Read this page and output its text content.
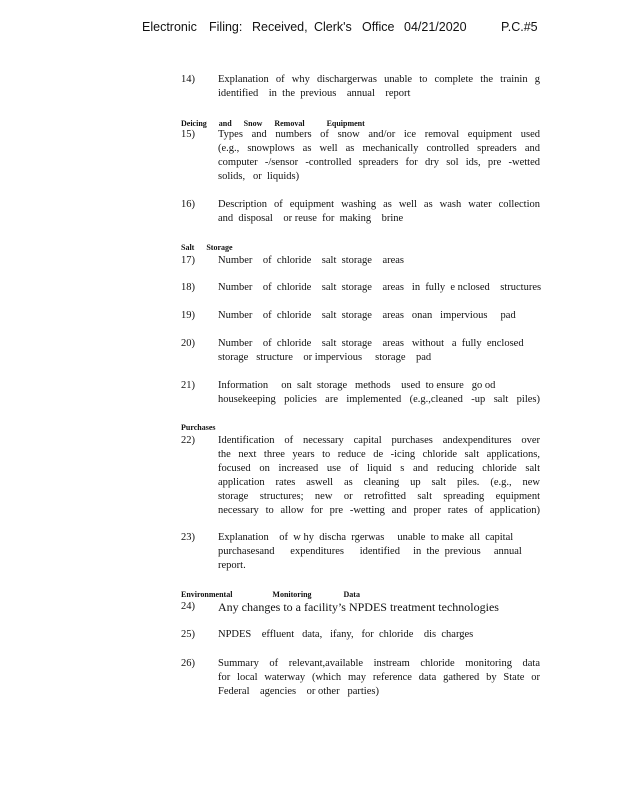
Electronic Filing: Received, Clerk's Office 04/21/2020	P.C.#5
14) Explanation of why dischargerwas unable to complete the trainin g
identified    in  the  previous    annual    report
Deicing      and      Snow      Removal           Equipment
15) Types and numbers of snow and/or ice removal equipment used
(e.g., snowplows as well as mechanically controlled spreaders and
computer -/sensor -controlled spreaders for dry sol ids, pre -wetted
solids,   or  liquids)
16) Description of equipment washing as well as wash water collection
and  disposal    or reuse  for  making    brine
Salt      Storage
17) Number    of  chloride    salt  storage    areas
18) Number    of  chloride    salt  storage    areas   in  fully  e nclosed    structures
19) Number    of  chloride    salt  storage    areas   onan   impervious     pad
20) Number    of  chloride    salt  storage    areas   without   a  fully  enclosed
storage   structure    or impervious     storage    pad
21) Information     on  salt  storage   methods    used  to ensure   go od
housekeeping policies are implemented (e.g.,cleaned -up salt piles)
Purchases
22) Identification of necessary capital purchases andexpenditures over
the next three years to reduce de -icing chloride salt applications,
focused on increased use of liquid s and reducing chloride salt
application rates aswell as cleaning up salt piles. (e.g., new
storage structures; new or retrofitted salt spreading equipment
necessary to allow for pre -wetting and proper rates of application)
23) Explanation    of  w hy  discha  rgerwas     unable  to make  all  capital
purchasesand      expenditures      identified     in  the  previous     annual
report.
Environmental                    Monitoring                Data
24) Any changes to a facility’s NPDES treatment technologies
25) NPDES    effluent   data,   ifany,   for  chloride    dis  charges
26) Summary of relevant,available instream chloride monitoring data
for local waterway (which may reference data gathered by State or
Federal    agencies    or other   parties)
